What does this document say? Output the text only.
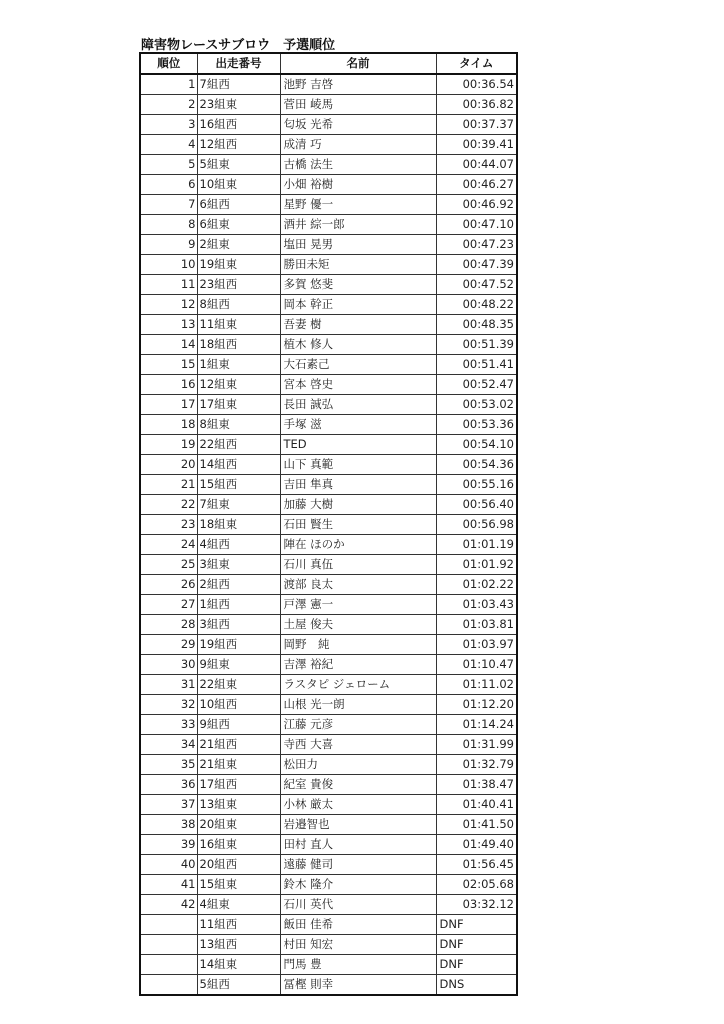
障害物レースサブロウ　予選順位
順位	出走番号	名前	タイム
1	7組西	池野 吉啓	00:36.54
2	23組東	菅田 崚馬	00:36.82
3	16組西	匂坂 光希	00:37.37
4	12組西	成清 巧	00:39.41
5	5組東	古橋 法生	00:44.07
6	10組東	小畑 裕樹	00:46.27
7	6組西	星野 優一	00:46.92
8	6組東	酒井 綜一郎	00:47.10
9	2組東	塩田 晃男	00:47.23
10	19組東	勝田未矩	00:47.39
11	23組西	多賀 悠斐	00:47.52
12	8組西	岡本 幹正	00:48.22
13	11組東	吾妻 樹	00:48.35
14	18組西	植木 修人	00:51.39
15	1組東	大石素己	00:51.41
16	12組東	宮本 啓史	00:52.47
17	17組東	長田 誠弘	00:53.02
18	8組東	手塚 滋	00:53.36
19	22組西	TED	00:54.10
20	14組西	山下 真範	00:54.36
21	15組西	吉田 隼真	00:55.16
22	7組東	加藤 大樹	00:56.40
23	18組東	石田 賢生	00:56.98
24	4組西	陣在 ほのか	01:01.19
25	3組東	石川 真伍	01:01.92
26	2組西	渡部 良太	01:02.22
27	1組西	戸澤 憲一	01:03.43
28	3組西	土屋 俊夫	01:03.81
29	19組西	岡野　純	01:03.97
30	9組東	吉澤 裕紀	01:10.47
31	22組東	ラスタピ ジェローム	01:11.02
32	10組西	山根 光一朗	01:12.20
33	9組西	江藤 元彦	01:14.24
34	21組西	寺西 大喜	01:31.99
35	21組東	松田力	01:32.79
36	17組西	紀室 貴俊	01:38.47
37	13組東	小林 厳太	01:40.41
38	20組東	岩邉智也	01:41.50
39	16組東	田村 直人	01:49.40
40	20組西	遠藤 健司	01:56.45
41	15組東	鈴木 隆介	02:05.68
42	4組東	石川 英代	03:32.12
	11組西	飯田 佳希	DNF
	13組西	村田 知宏	DNF
	14組東	門馬 豊	DNF
	5組西	冨樫 則幸	DNS
